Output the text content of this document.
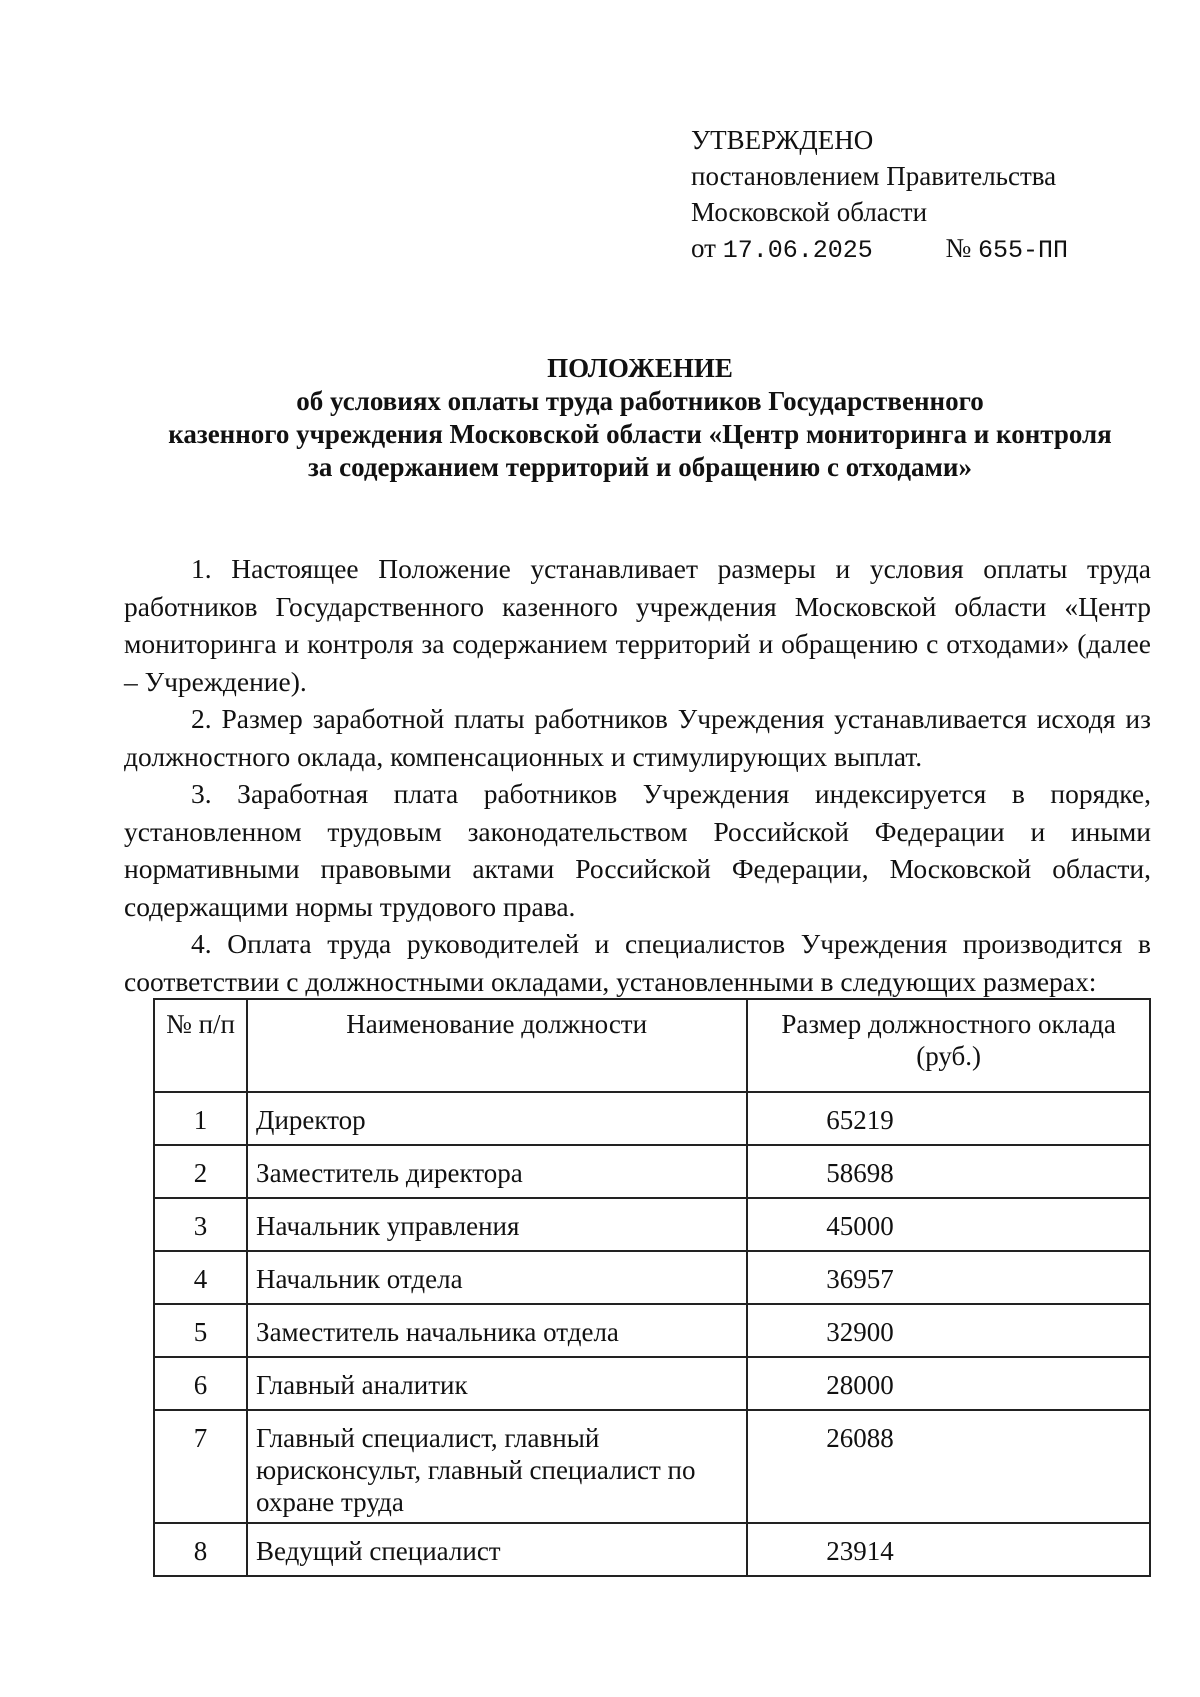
УТВЕРЖДЕНО
постановлением Правительства
Московской области
от 17.06.2025	№ 655-ПП
ПОЛОЖЕНИЕ
об условиях оплаты труда работников Государственного
казенного учреждения Московской области «Центр мониторинга и контроля
за содержанием территорий и обращению с отходами»

1. Настоящее Положение устанавливает размеры и условия оплаты труда работников Государственного казенного учреждения Московской области «Центр мониторинга и контроля за содержанием территорий и обращению с отходами» (далее – Учреждение).

2. Размер заработной платы работников Учреждения устанавливается исходя из должностного оклада, компенсационных и стимулирующих выплат.

3. Заработная плата работников Учреждения индексируется в порядке, установленном трудовым законодательством Российской Федерации и иными нормативными правовыми актами Российской Федерации, Московской области, содержащими нормы трудового права.

4. Оплата труда руководителей и специалистов Учреждения производится в соответствии с должностными окладами, установленными в следующих размерах:

№ п/п	Наименование должности	Размер должностного оклада (руб.)
1	Директор	65219
2	Заместитель директора	58698
3	Начальник управления	45000
4	Начальник отдела	36957
5	Заместитель начальника отдела	32900
6	Главный аналитик	28000
7	Главный специалист, главный юрисконсульт, главный специалист по охране труда	26088
8	Ведущий специалист	23914
